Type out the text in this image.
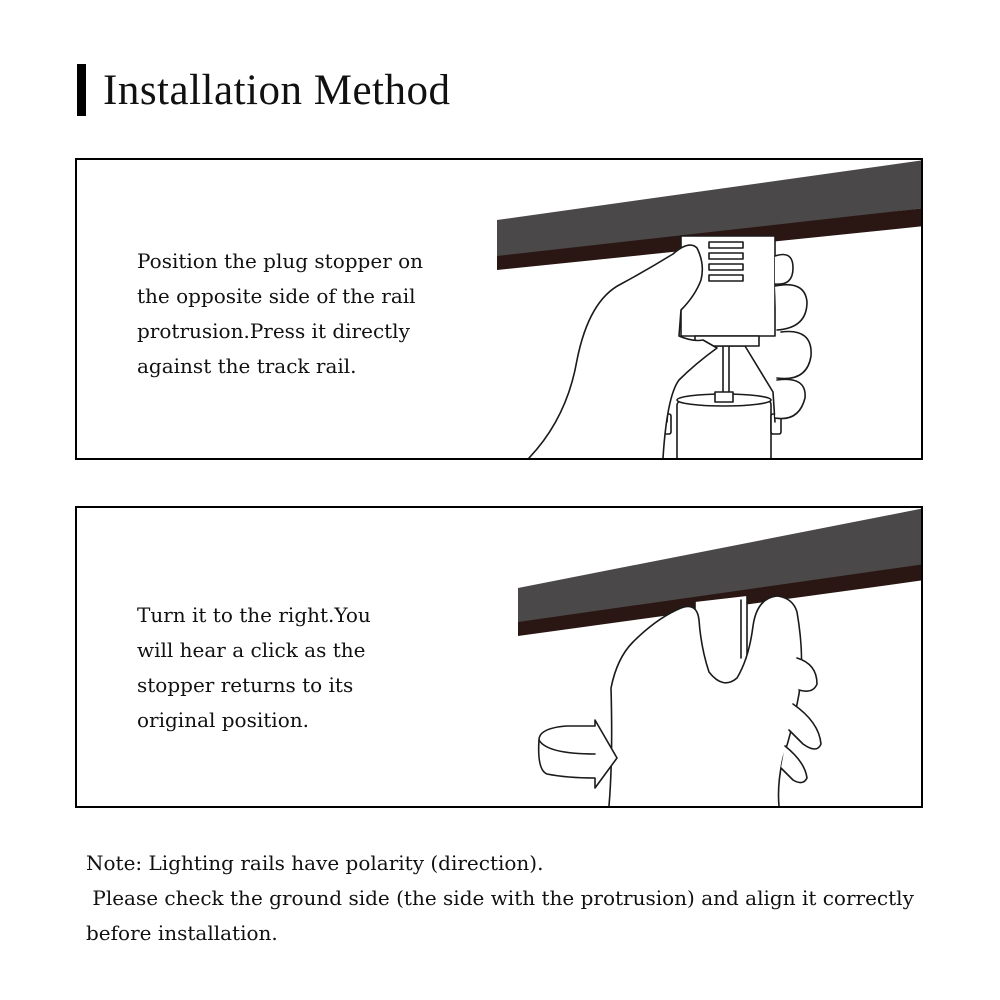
Installation Method

Position the plug stopper on
the opposite side of the rail
protrusion.Press it directly
against the track rail.

Turn it to the right.You
will hear a click as the
stopper returns to its
original position.

Note: Lighting rails have polarity (direction).
Please check the ground side (the side with the protrusion) and align it correctly
before installation.
